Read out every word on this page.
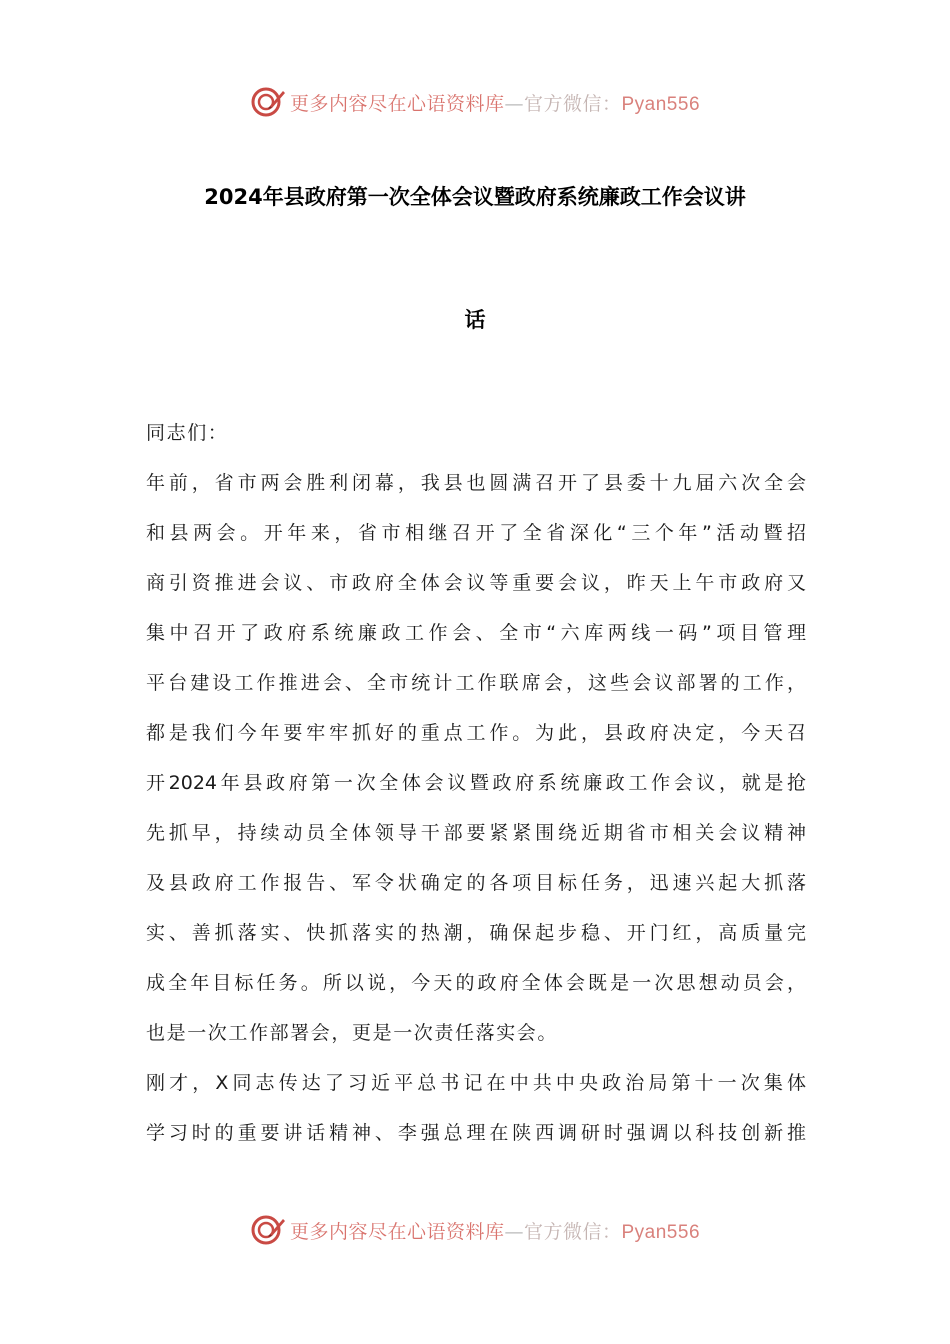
更多内容尽在心语资料库—官方微信：Pyan556
2024年县政府第一次全体会议暨政府系统廉政工作会议讲
话
同志们：
年前，省市两会胜利闭幕，我县也圆满召开了县委十九届六次全会
和县两会。开年来，省市相继召开了全省深化“三个年”活动暨招
商引资推进会议、市政府全体会议等重要会议，昨天上午市政府又
集中召开了政府系统廉政工作会、全市“六库两线一码”项目管理
平台建设工作推进会、全市统计工作联席会，这些会议部署的工作，
都是我们今年要牢牢抓好的重点工作。为此，县政府决定，今天召
开2024年县政府第一次全体会议暨政府系统廉政工作会议，就是抢
先抓早，持续动员全体领导干部要紧紧围绕近期省市相关会议精神
及县政府工作报告、军令状确定的各项目标任务，迅速兴起大抓落
实、善抓落实、快抓落实的热潮，确保起步稳、开门红，高质量完
成全年目标任务。所以说，今天的政府全体会既是一次思想动员会，
也是一次工作部署会，更是一次责任落实会。
刚才，X同志传达了习近平总书记在中共中央政治局第十一次集体
学习时的重要讲话精神、李强总理在陕西调研时强调以科技创新推
更多内容尽在心语资料库—官方微信：Pyan556
